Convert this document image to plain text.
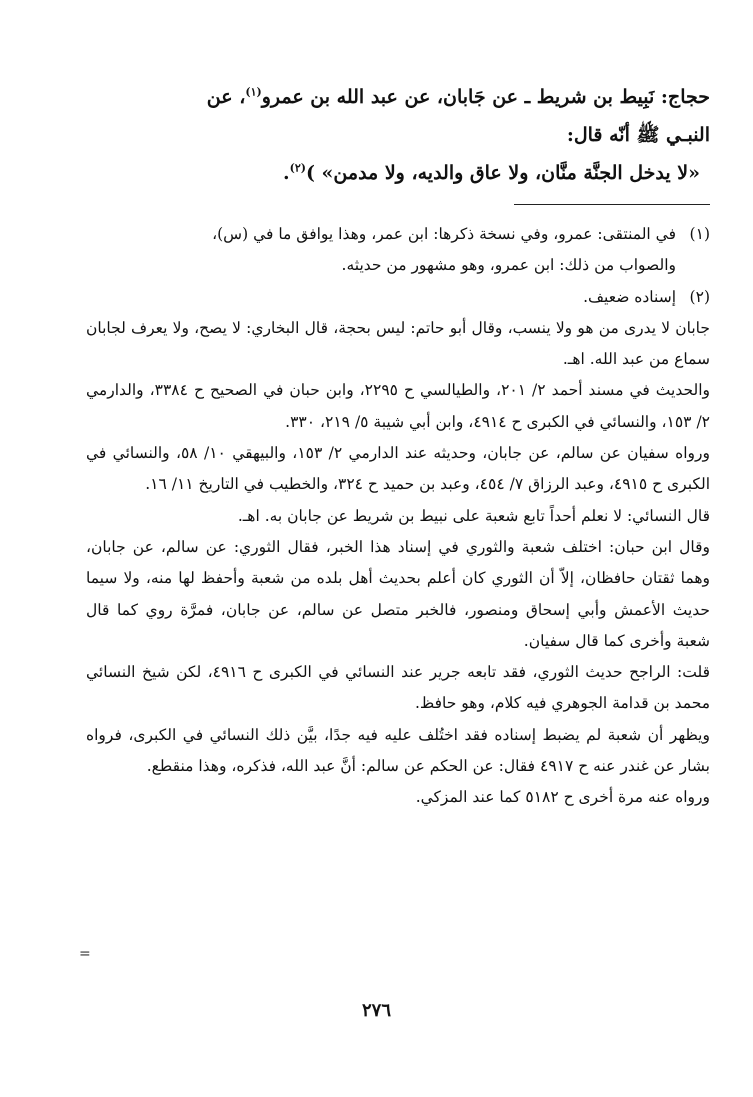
حجاج: نَبِيط بن شريط ـ عن جَابان، عن عبد الله بن عمرو$^{(١)}$، عن

النبـي ﷺ أنّه قال:

«لا يدخل الجنَّة منَّان، ولا عاق والديه، ولا مدمن» )$^{(٢)}$.

(١)
في المنتقى: عمرو، وفي نسخة ذكرها: ابن عمر، وهذا يوافق ما في (س)،
والصواب من ذلك: ابن عمرو، وهو مشهور من حديثه.
(٢)
إسناده ضعيف.

جابان لا يدرى من هو ولا ينسب، وقال أبو حاتم: ليس بحجة، قال البخاري: لا يصح، ولا يعرف لجابان سماع من عبد الله. اهـ.

والحديث في مسند أحمد ٢/ ٢٠١، والطيالسي ح ٢٢٩٥، وابن حبان في الصحيح ح ٣٣٨٤، والدارمي ٢/ ١٥٣، والنسائي في الكبرى ح ٤٩١٤، وابن أبي شيبة ٥/ ٢١٩، ٣٣٠.

ورواه سفيان عن سالم، عن جابان، وحديثه عند الدارمي ٢/ ١٥٣، والبيهقي ١٠/ ٥٨، والنسائي في الكبرى ح ٤٩١٥، وعبد الرزاق ٧/ ٤٥٤، وعبد بن حميد ح ٣٢٤، والخطيب في التاريخ ١١/ ١٦.

قال النسائي: لا نعلم أحداً تابع شعبة على نبيط بن شريط عن جابان به. اهـ.

وقال ابن حبان: اختلف شعبة والثوري في إسناد هذا الخبر، فقال الثوري: عن سالم، عن جابان، وهما ثقتان حافظان، إلاّ أن الثوري كان أعلم بحديث أهل بلده من شعبة وأحفظ لها منه، ولا سيما حديث الأعمش وأبي إسحاق ومنصور، فالخبر متصل عن سالم، عن جابان، فمرَّة روي كما قال شعبة وأخرى كما قال سفيان.

قلت: الراجح حديث الثوري، فقد تابعه جرير عند النسائي في الكبرى ح ٤٩١٦، لكن شيخ النسائي محمد بن قدامة الجوهري فيه كلام، وهو حافظ.

ويظهر أن شعبة لم يضبط إسناده فقد اختُلف عليه فيه جدًا، بيَّن ذلك النسائي في الكبرى، فرواه بشار عن غندر عنه ح ٤٩١٧ فقال: عن الحكم عن سالم: أنَّ عبد الله، فذكره، وهذا منقطع.

ورواه عنه مرة أخرى ح ٥١٨٢ كما عند المزكي.

=
٢٧٦
